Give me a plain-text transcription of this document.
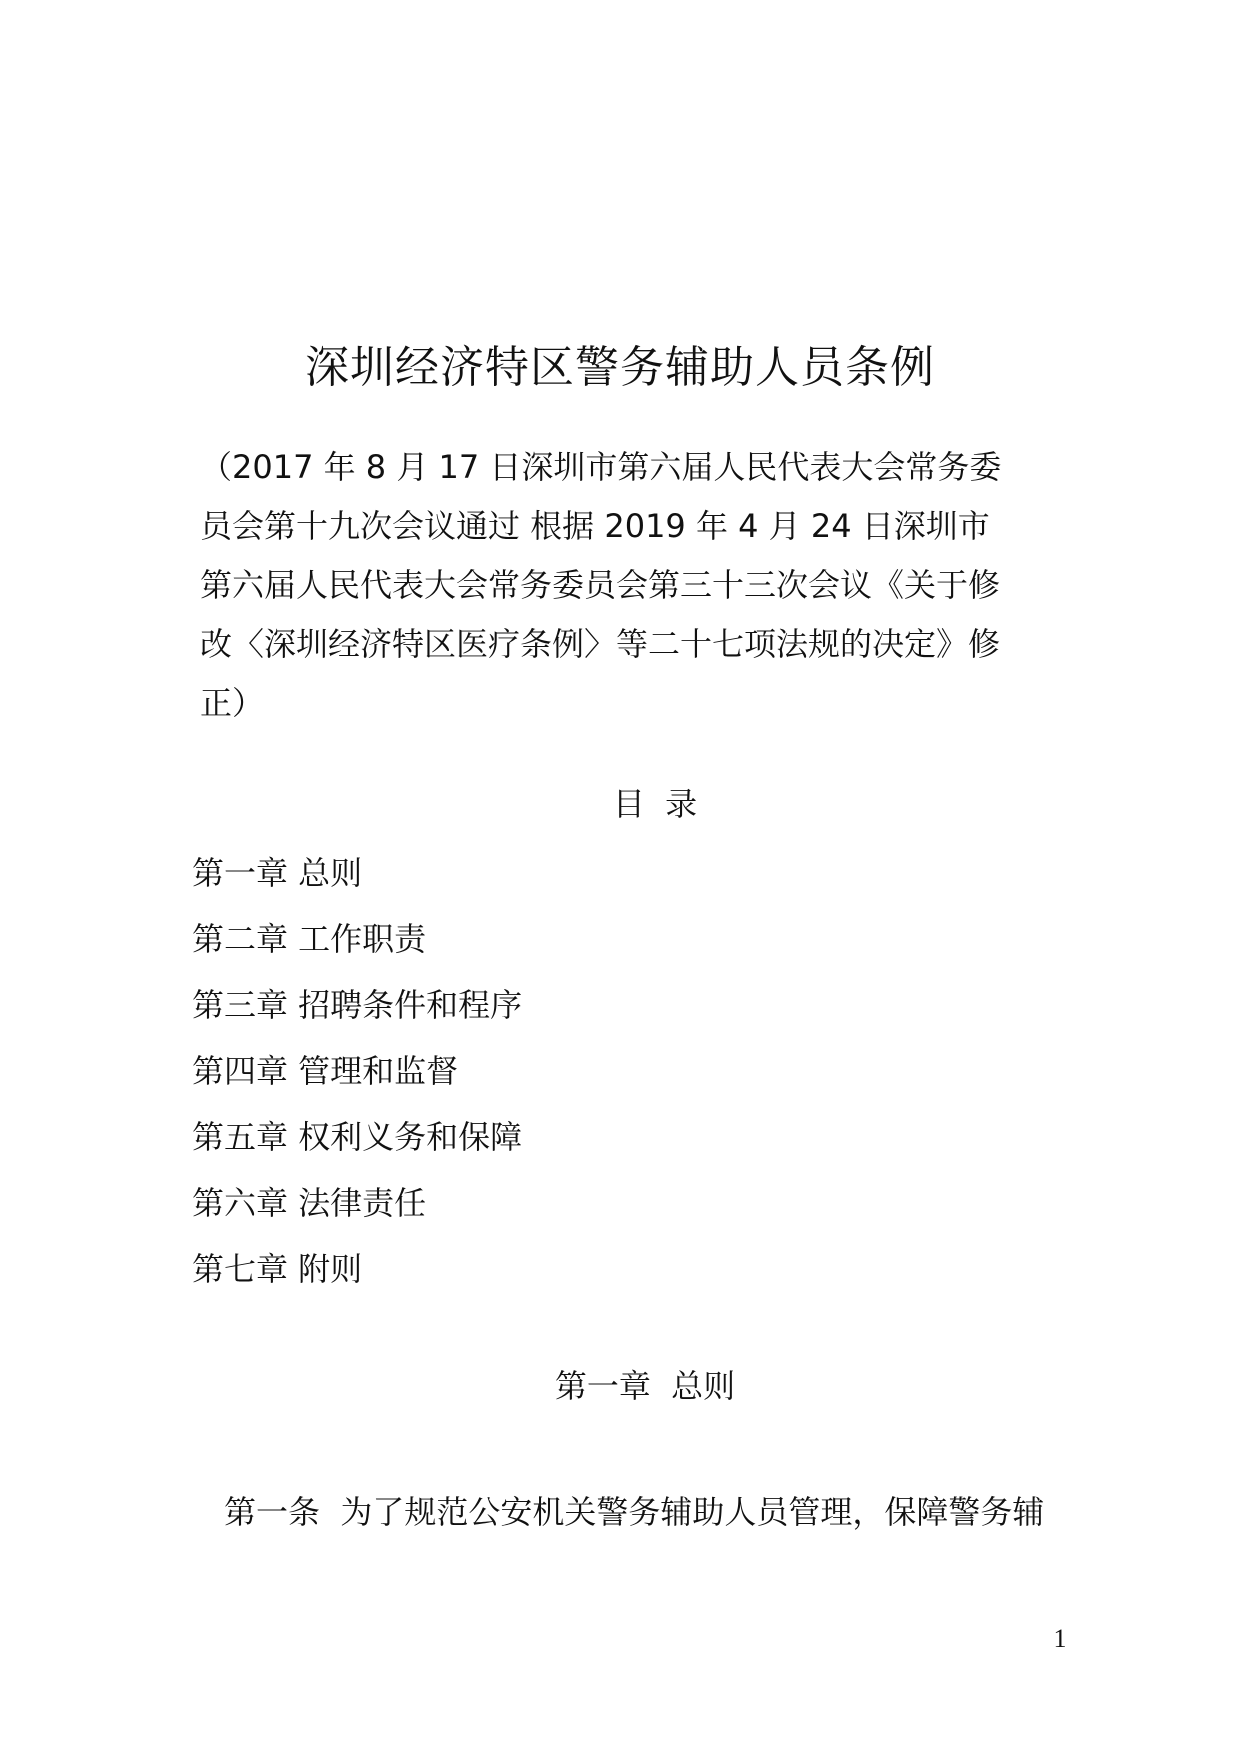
深圳经济特区警务辅助人员条例
（2017 年 8 月 17 日深圳市第六届人民代表大会常务委
员会第十九次会议通过 根据 2019 年 4 月 24 日深圳市
第六届人民代表大会常务委员会第三十三次会议《关于修
改〈深圳经济特区医疗条例〉等二十七项法规的决定》修
正）
目  录
第一章 总则
第二章 工作职责
第三章 招聘条件和程序
第四章 管理和监督
第五章 权利义务和保障
第六章 法律责任
第七章 附则
第一章  总则
第一条  为了规范公安机关警务辅助人员管理，保障警务辅
1
